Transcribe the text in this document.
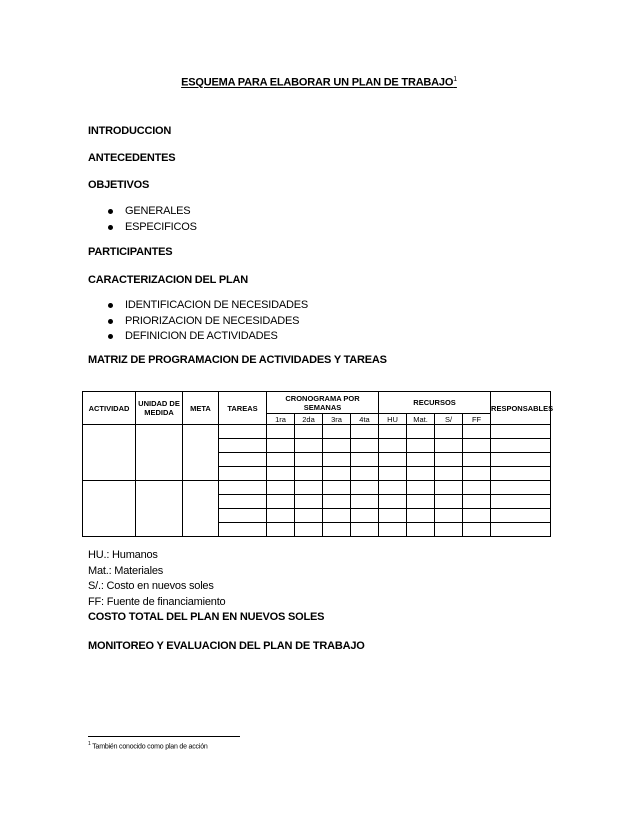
ESQUEMA PARA ELABORAR UN PLAN DE TRABAJO$^1$
INTRODUCCION
ANTECEDENTES
OBJETIVOS
GENERALES
ESPECIFICOS
PARTICIPANTES
CARACTERIZACION DEL PLAN
IDENTIFICACION DE NECESIDADES
PRIORIZACION DE NECESIDADES
DEFINICION DE ACTIVIDADES
MATRIZ DE PROGRAMACION DE ACTIVIDADES Y TAREAS
ACTIVIDAD	UNIDAD DE MEDIDA	META	TAREAS	CRONOGRAMA POR SEMANAS				RECURSOS				RESPONSABLES
				1ra	2da	3ra	4ta	HU	Mat.	S/	FF	

HU.: Humanos
Mat.: Materiales
S/.: Costo en nuevos soles
FF: Fuente de financiamiento
COSTO TOTAL DEL PLAN EN NUEVOS SOLES
MONITOREO Y EVALUACION DEL PLAN DE TRABAJO
$^1$ También conocido como plan de acción
